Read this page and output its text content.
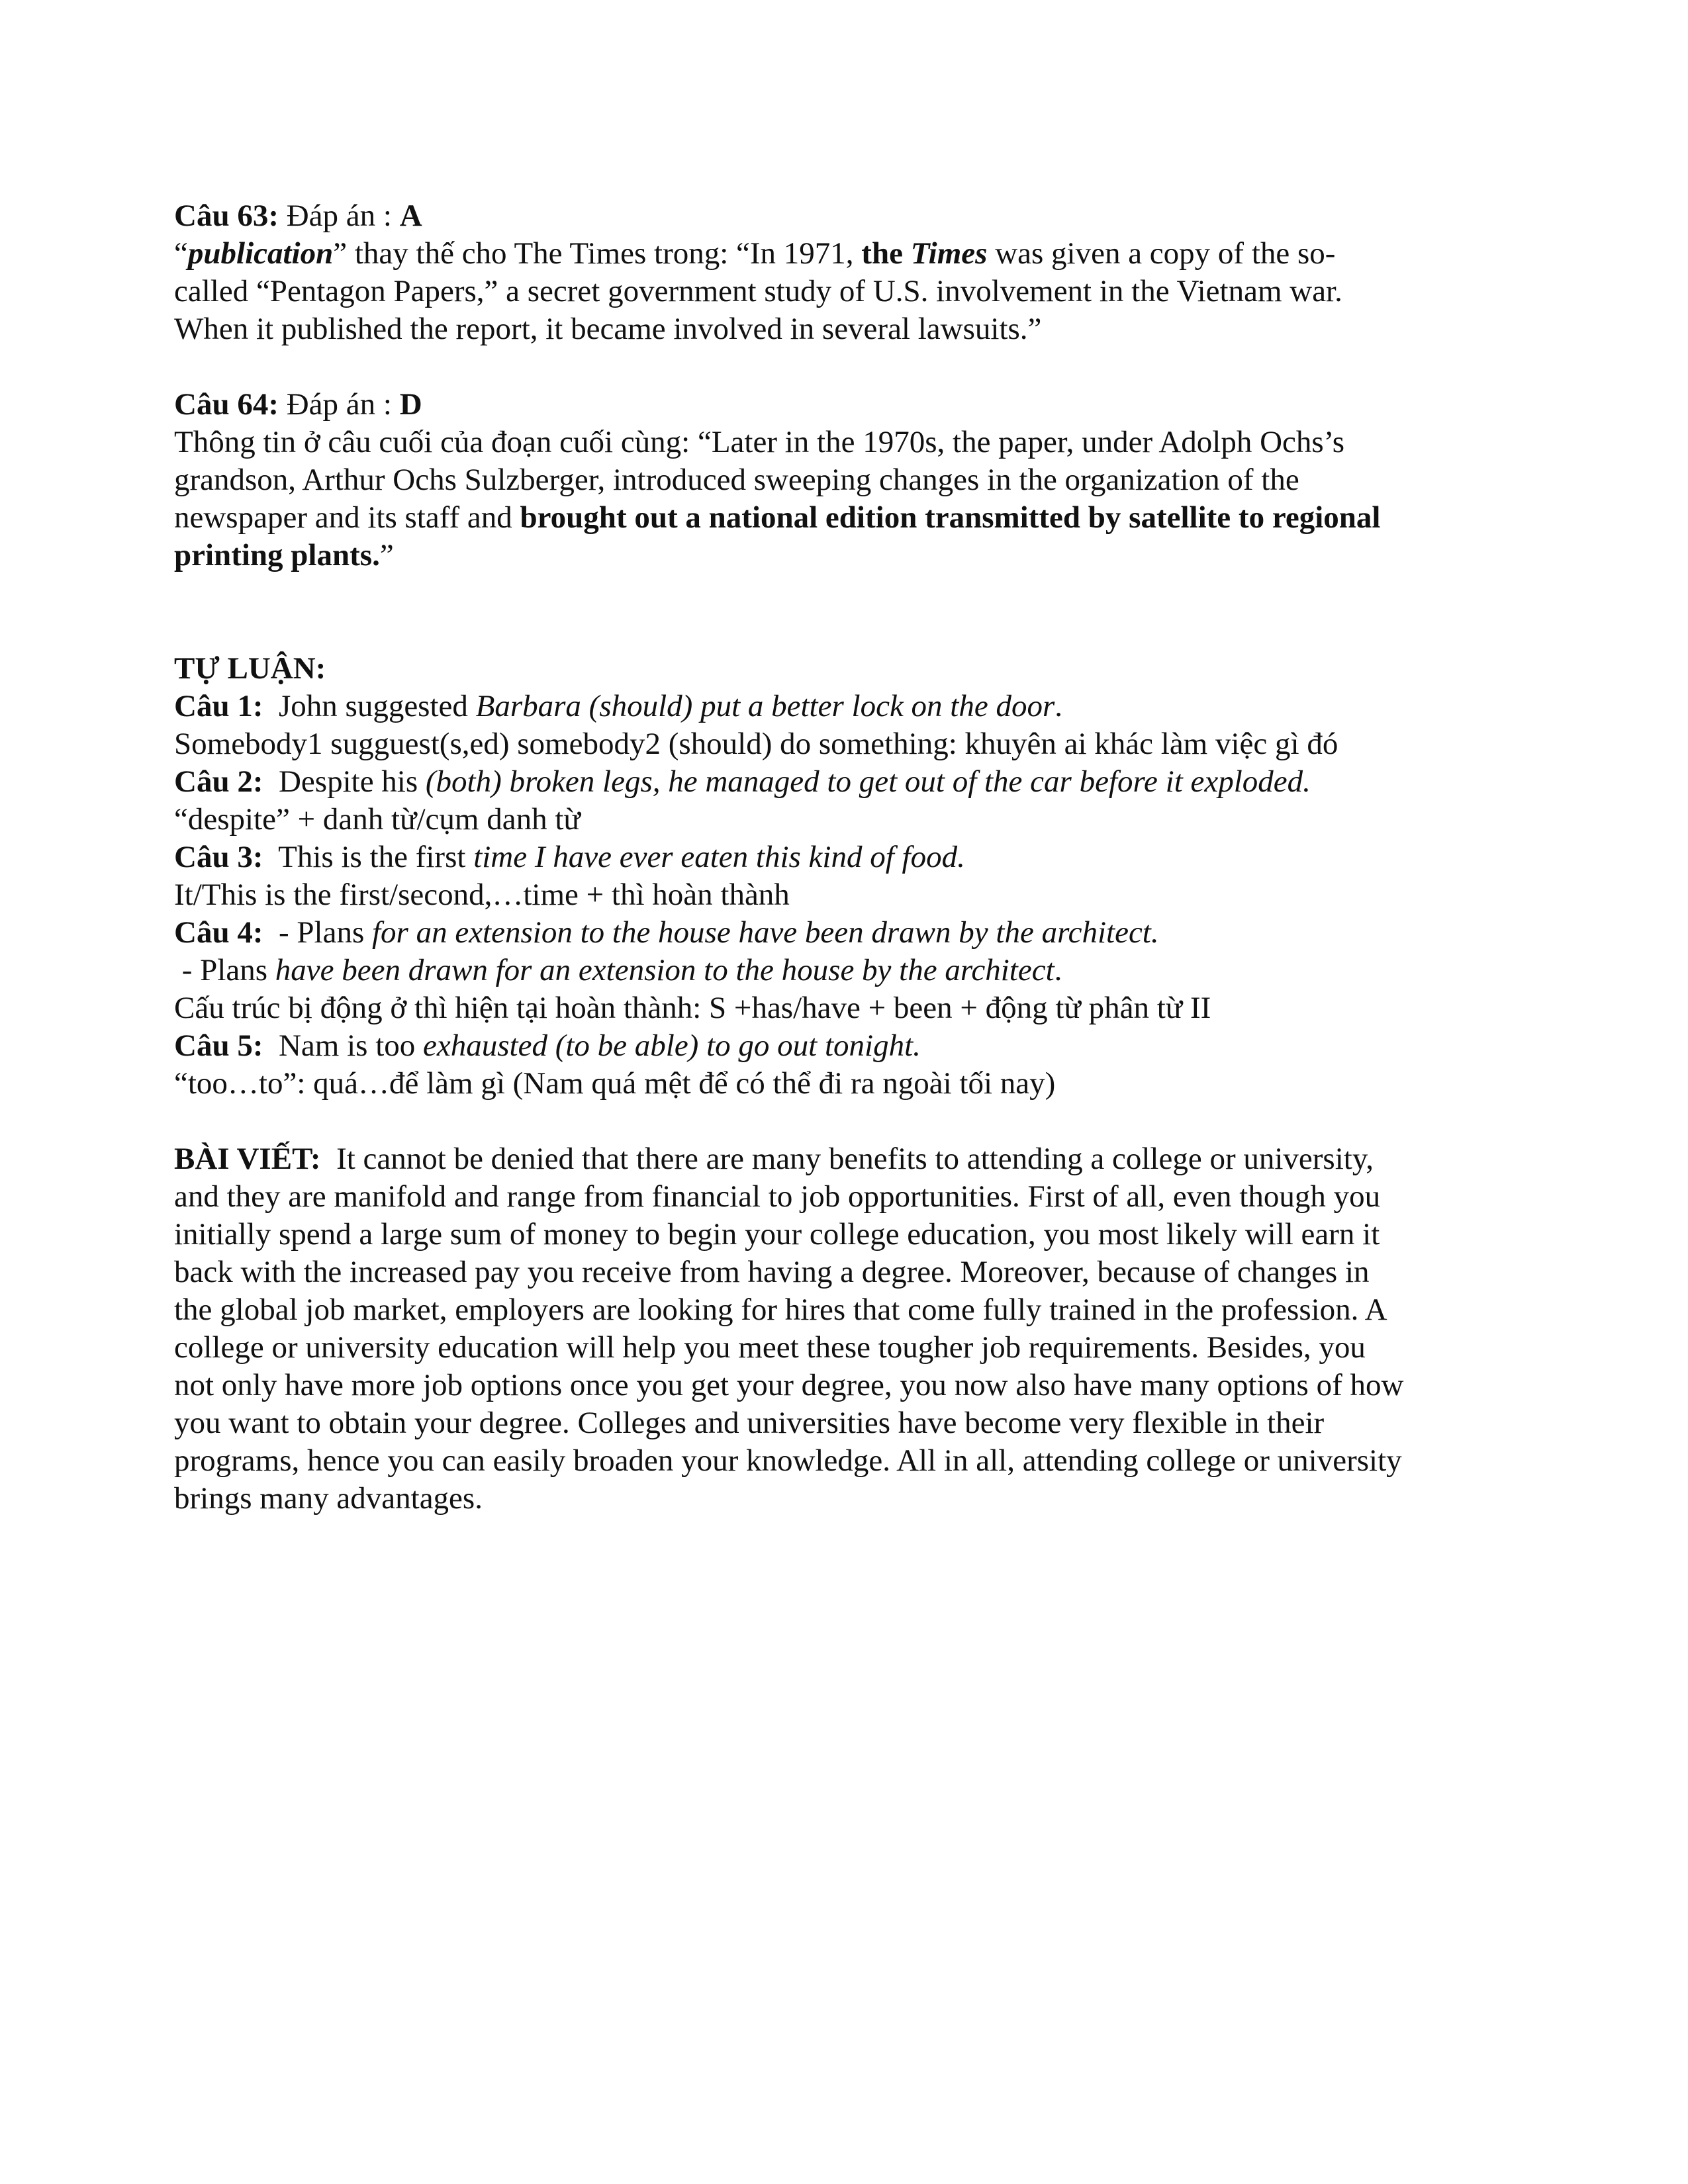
Câu 63: Đáp án : A
“publication” thay thế cho The Times trong: “In 1971, the Times was given a copy of the so-
called “Pentagon Papers,” a secret government study of U.S. involvement in the Vietnam war.
When it published the report, it became involved in several lawsuits.”
Câu 64: Đáp án : D
Thông tin ở câu cuối của đoạn cuối cùng: “Later in the 1970s, the paper, under Adolph Ochs’s
grandson, Arthur Ochs Sulzberger, introduced sweeping changes in the organization of the
newspaper and its staff and brought out a national edition transmitted by satellite to regional
printing plants.”
TỰ LUẬN:
Câu 1: John suggested Barbara (should) put a better lock on the door.
Somebody1 sugguest(s,ed) somebody2 (should) do something: khuyên ai khác làm việc gì đó
Câu 2: Despite his (both) broken legs, he managed to get out of the car before it exploded.
“despite” + danh từ/cụm danh từ
Câu 3: This is the first time I have ever eaten this kind of food.
It/This is the first/second,…time + thì hoàn thành
Câu 4: - Plans for an extension to the house have been drawn by the architect.
- Plans have been drawn for an extension to the house by the architect.
Cấu trúc bị động ở thì hiện tại hoàn thành: S +has/have + been + động từ phân từ II
Câu 5: Nam is too exhausted (to be able) to go out tonight.
“too…to”: quá…để làm gì (Nam quá mệt để có thể đi ra ngoài tối nay)
BÀI VIẾT: It cannot be denied that there are many benefits to attending a college or university,
and they are manifold and range from financial to job opportunities. First of all, even though you
initially spend a large sum of money to begin your college education, you most likely will earn it
back with the increased pay you receive from having a degree. Moreover, because of changes in
the global job market, employers are looking for hires that come fully trained in the profession. A
college or university education will help you meet these tougher job requirements. Besides, you
not only have more job options once you get your degree, you now also have many options of how
you want to obtain your degree. Colleges and universities have become very flexible in their
programs, hence you can easily broaden your knowledge. All in all, attending college or university
brings many advantages.
